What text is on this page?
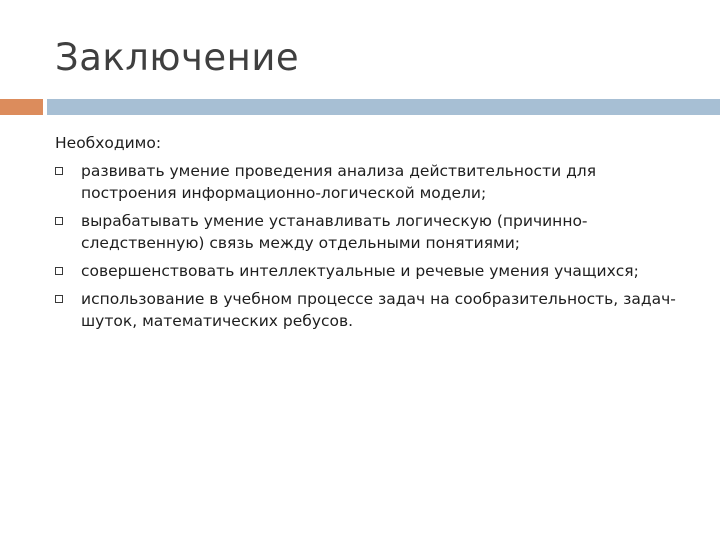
Заключение

Необходимо:

развивать умение проведения анализа действительности для построения информационно-логической модели;
вырабатывать умение устанавливать логическую (причинно-следственную) связь между отдельными понятиями;
совершенствовать интеллектуальные и речевые умения учащихся;
использование в учебном процессе задач на сообразительность, задач-шуток, математических ребусов.
